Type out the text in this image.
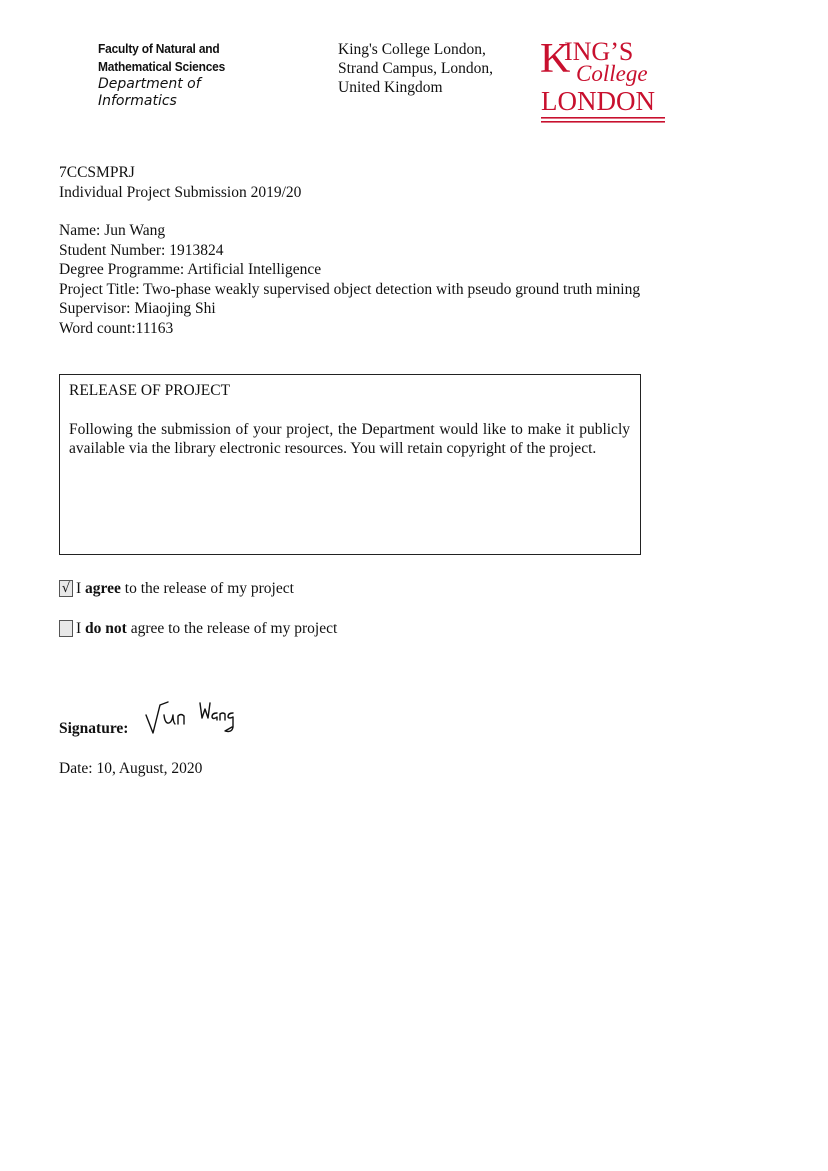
Faculty of Natural and
Mathematical Sciences
Department of
Informatics
King's College London,
Strand Campus, London,
United Kingdom
K
ING’S
College
LONDON
7CCSMPRJ
Individual Project Submission 2019/20
Name: Jun Wang
Student Number: 1913824
Degree Programme: Artificial Intelligence
Project Title: Two-phase weakly supervised object detection with pseudo ground truth mining
Supervisor: Miaojing Shi
Word count:11163
RELEASE OF PROJECT
Following the submission of your project, the Department would like to make it publicly available via the library electronic resources. You will retain copyright of the project.
√ I agree to the release of my project
I do not agree to the release of my project
Signature:
Date: 10, August, 2020
